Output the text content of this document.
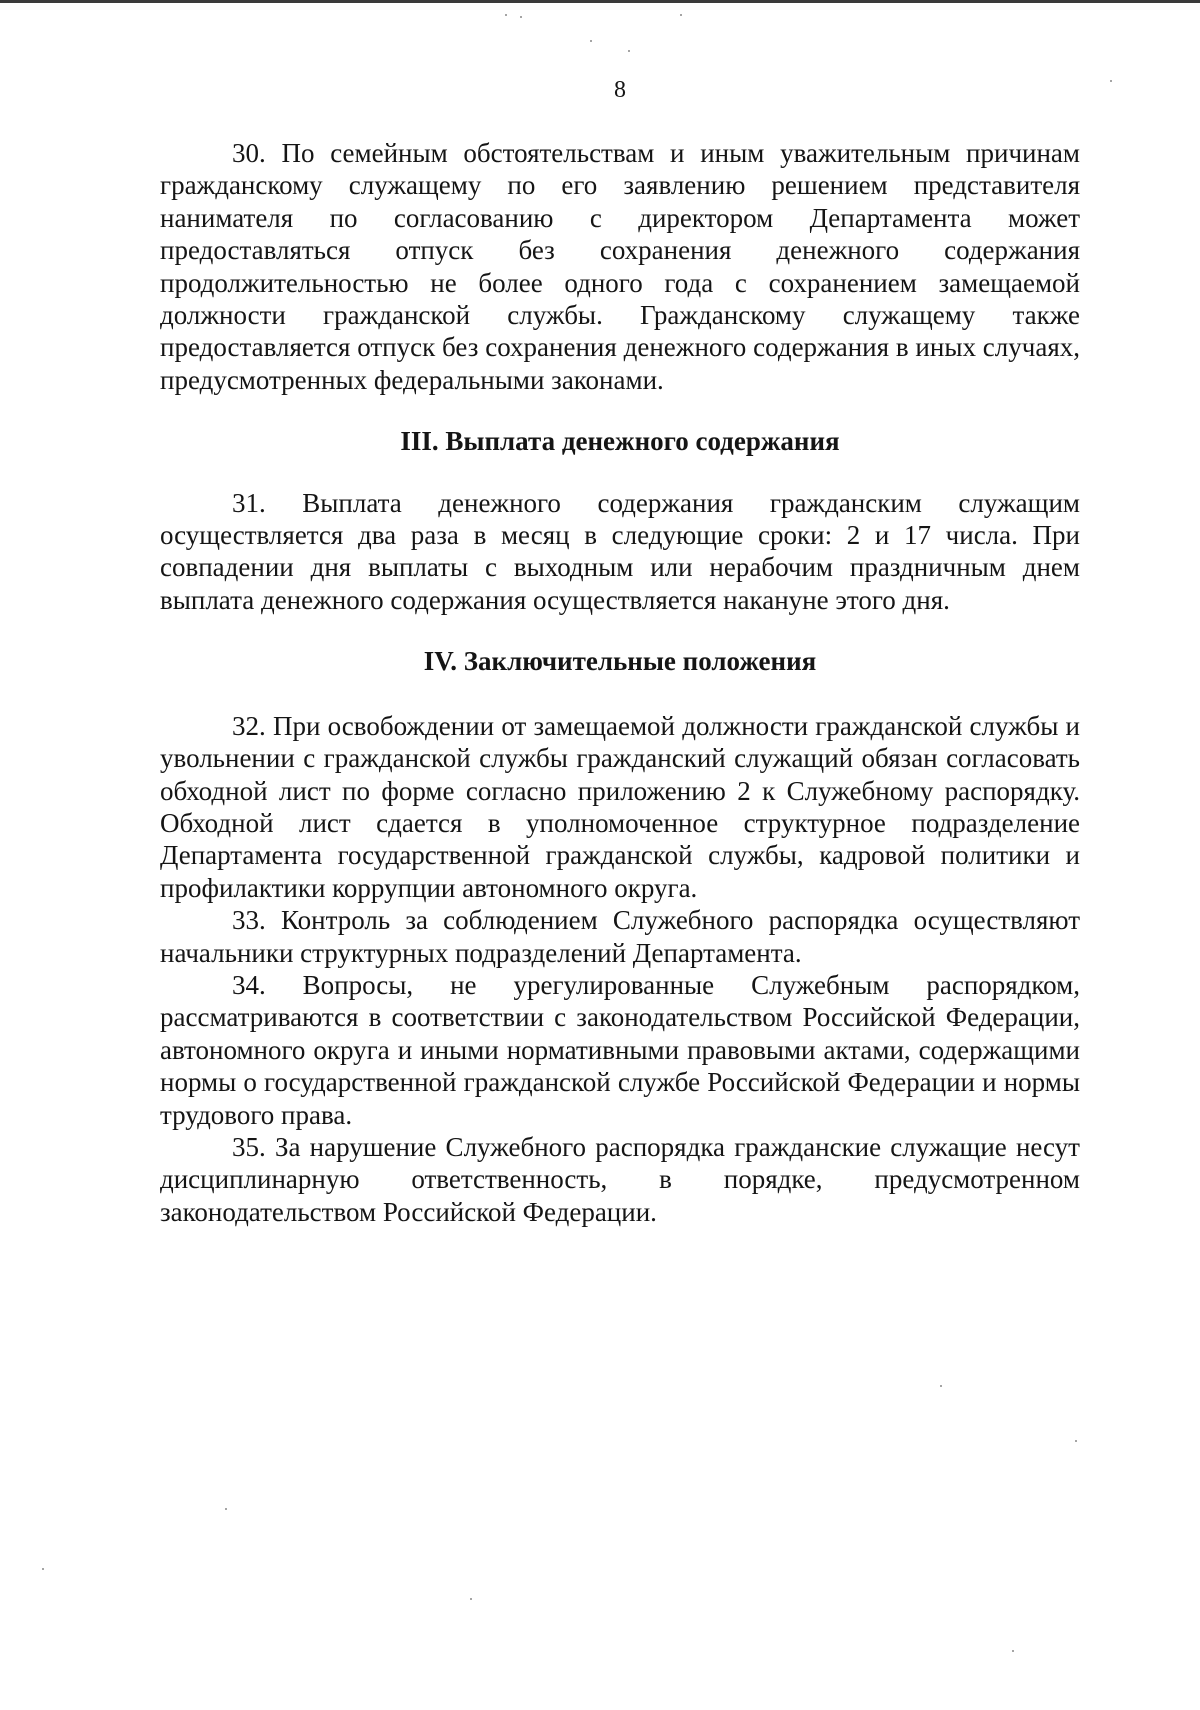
8

30. По семейным обстоятельствам и иным уважительным причинам гражданскому служащему по его заявлению решением представителя нанимателя по согласованию с директором Департамента может предоставляться отпуск без сохранения денежного содержания продолжительностью не более одного года с сохранением замещаемой должности гражданской службы. Гражданскому служащему также предоставляется отпуск без сохранения денежного содержания в иных случаях, предусмотренных федеральными законами.

III. Выплата денежного содержания

31. Выплата денежного содержания гражданским служащим осуществляется два раза в месяц в следующие сроки: 2 и 17 числа. При совпадении дня выплаты с выходным или нерабочим праздничным днем выплата денежного содержания осуществляется накануне этого дня.

IV. Заключительные положения

32. При освобождении от замещаемой должности гражданской службы и увольнении с гражданской службы гражданский служащий обязан согласовать обходной лист по форме согласно приложению 2 к Служебному распорядку. Обходной лист сдается в уполномоченное структурное подразделение Департамента государственной гражданской службы, кадровой политики и профилактики коррупции автономного округа.

33. Контроль за соблюдением Служебного распорядка осуществляют начальники структурных подразделений Департамента.

34. Вопросы, не урегулированные Служебным распорядком, рассматриваются в соответствии с законодательством Российской Федерации, автономного округа и иными нормативными правовыми актами, содержащими нормы о государственной гражданской службе Российской Федерации и нормы трудового права.

35. За нарушение Служебного распорядка гражданские служащие несут дисциплинарную ответственность, в порядке, предусмотренном законодательством Российской Федерации.
